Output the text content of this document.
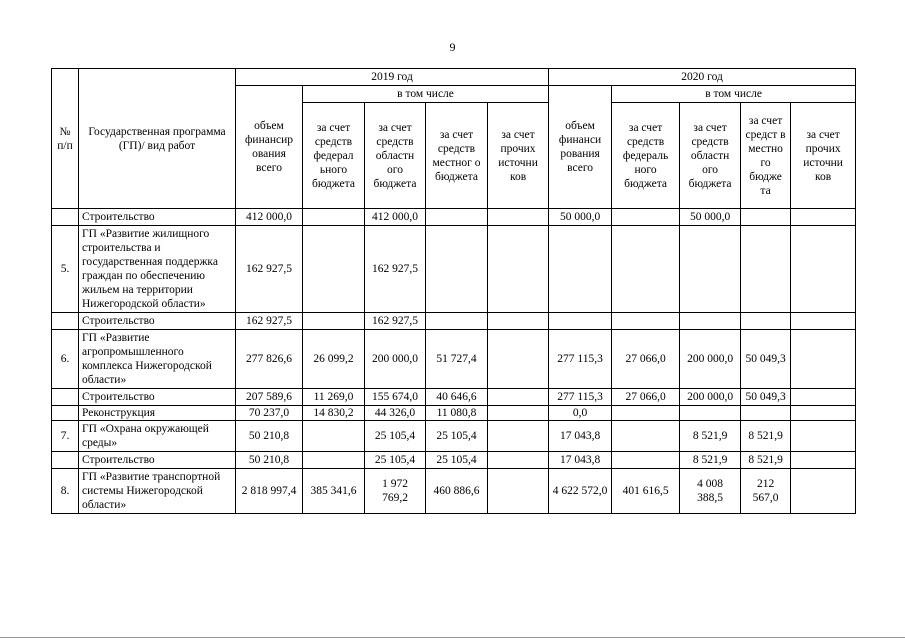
9
№ п/п	Государственная программа (ГП)/ вид работ	2019 год					2020 год				
		объем финансир ования всего	в том числе				объем финанси рования всего	в том числе			
			за счет средств федерал ьного бюджета	за счет средств областн ого бюджета	за счет средств местног о бюджета	за счет прочих источни ков		за счет средств федераль ного бюджета	за счет средств областн ого бюджета	за счет средст в местно го бюдже та	за счет прочих источни ков
	Строительство	412 000,0		412 000,0			50 000,0		50 000,0		
5.	ГП «Развитие жилищного строительства и государственная поддержка граждан по обеспечению жильем на территории Нижегородской области»	162 927,5		162 927,5							
	Строительство	162 927,5		162 927,5							
6.	ГП «Развитие агропромышленного комплекса Нижегородской области»	277 826,6	26 099,2	200 000,0	51 727,4		277 115,3	27 066,0	200 000,0	50 049,3	
	Строительство	207 589,6	11 269,0	155 674,0	40 646,6		277 115,3	27 066,0	200 000,0	50 049,3	
	Реконструкция	70 237,0	14 830,2	44 326,0	11 080,8		0,0				
7.	ГП «Охрана окружающей среды»	50 210,8		25 105,4	25 105,4		17 043,8		8 521,9	8 521,9	
	Строительство	50 210,8		25 105,4	25 105,4		17 043,8		8 521,9	8 521,9	
8.	ГП «Развитие транспортной системы Нижегородской области»	2 818 997,4	385 341,6	1 972 769,2	460 886,6		4 622 572,0	401 616,5	4 008 388,5	212 567,0	
